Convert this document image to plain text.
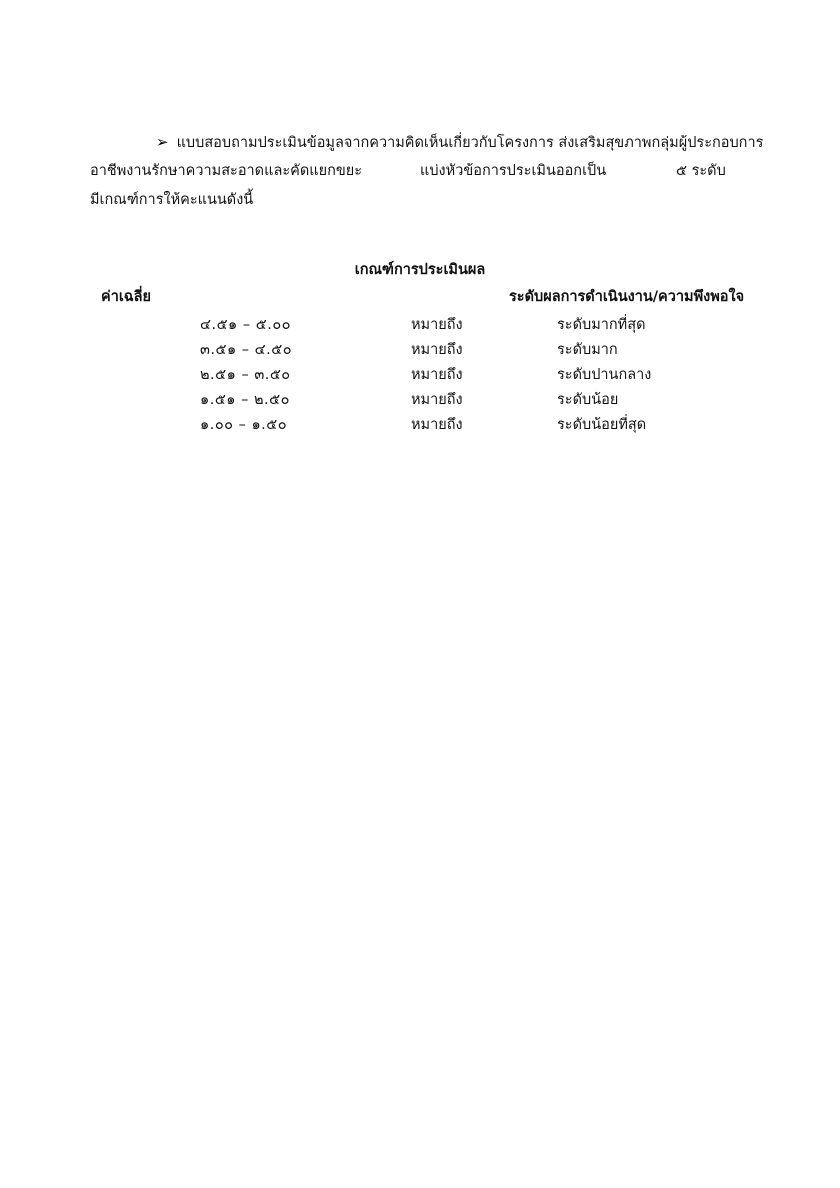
➢ แบบสอบถามประเมินข้อมูลจากความคิดเห็นเกี่ยวกับโครงการ ส่งเสริมสุขภาพกลุ่มผู้ประกอบการ
อาชีพงานรักษาความสะอาดและคัดแยกขยะ	แบ่งหัวข้อการประเมินออกเป็น	๕ ระดับ
มีเกณฑ์การให้คะแนนดังนี้
เกณฑ์การประเมินผล
ค่าเฉลี่ย	ระดับผลการดำเนินงาน/ความพึงพอใจ
๔.๕๑ – ๕.๐๐	หมายถึง	ระดับมากที่สุด
๓.๕๑ – ๔.๕๐	หมายถึง	ระดับมาก
๒.๕๑ – ๓.๕๐	หมายถึง	ระดับปานกลาง
๑.๕๑ – ๒.๕๐	หมายถึง	ระดับน้อย
๑.๐๐ – ๑.๕๐	หมายถึง	ระดับน้อยที่สุด
